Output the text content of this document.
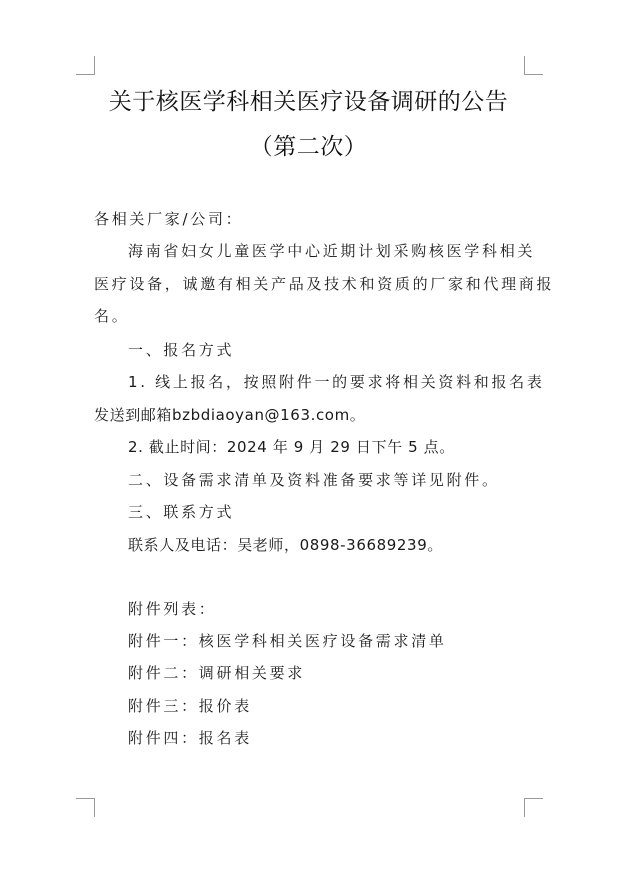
关于核医学科相关医疗设备调研的公告
（第二次）
各相关厂家/公司：
海南省妇女儿童医学中心近期计划采购核医学科相关
医疗设备，诚邀有相关产品及技术和资质的厂家和代理商报
名。
一、报名方式
1. 线上报名，按照附件一的要求将相关资料和报名表
发送到邮箱bzbdiaoyan@163.com。
2. 截止时间：2024 年 9 月 29 日下午 5 点。
二、设备需求清单及资料准备要求等详见附件。
三、联系方式
联系人及电话：吴老师，0898-36689239。
附件列表：
附件一：核医学科相关医疗设备需求清单
附件二：调研相关要求
附件三：报价表
附件四：报名表
